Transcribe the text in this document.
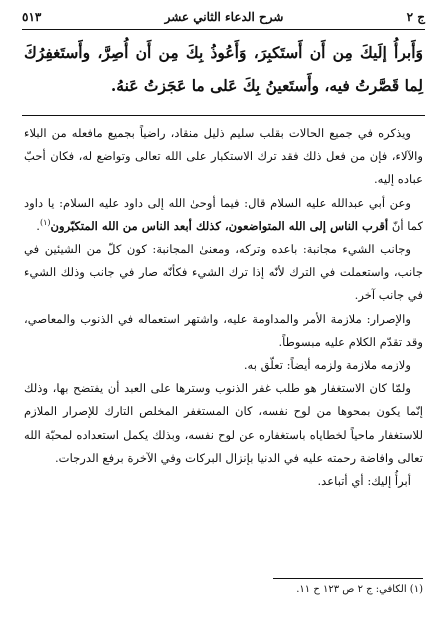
ج ٢
شرح الدعاء الثاني عشر
٥١٣
وَأَبرأُ إلَيكَ مِن أَن أَستَكبِرَ، وَأَعُوذُ بِكَ مِن أَن أُصِرَّ، وأَستَغفِرُكَ لِما قَصَّرتُ فيه، وأَستَعينُ بِكَ عَلى ما عَجَزتُ عَنهُ.

ويذكره في جميع الحالات بقلب سليم ذليل منقاد، راضياً بجميع مافعله من البلاء والآلاء، فإن من فعل ذلك فقد ترك الاستكبار على الله تعالى وتواضع له، فكان أحبّ عباده إليه.

وعن أبي عبدالله عليه السلام قال: فيما أوحىٰ الله إلى داود عليه السلام: يا داود كما أنّ أقرب الناس إلى الله المتواضعون، كذلك أبعد الناس من الله المتكبّرون$^{(١)}$.

وجانب الشيء مجانبة: باعده وتركه، ومعنىٰ المجانبة: كون كلّ من الشيئين في جانب، واستعملت في الترك لأنّه إذا ترك الشيء فكأنّه صار في جانب وذلك الشيء في جانب آخر.

والإصرار: ملازمة الأمر والمداومة عليه، واشتهر استعماله في الذنوب والمعاصي، وقد تقدّم الكلام عليه مبسوطاً.

ولازمه ملازمة ولزمه أيضاً: تعلّق به.

ولمّا كان الاستغفار هو طلب غفر الذنوب وسترها على العبد أن يفتضح بها، وذلك إنّما يكون بمحوها من لوح نفسه، كان المستغفر المخلص التارك للإصرار الملازم للاستغفار ماحياً لخطاياه باستغفاره عن لوح نفسه، وبذلك يكمل استعداده لمحبّة الله تعالى وافاضة رحمته عليه في الدنيا بإنزال البركات وفي الآخرة برفع الدرجات.

أبرأُ إليك: أي أتباعد.

(١) الكافي: ج ٢ ص ١٢٣ ح ١١.
